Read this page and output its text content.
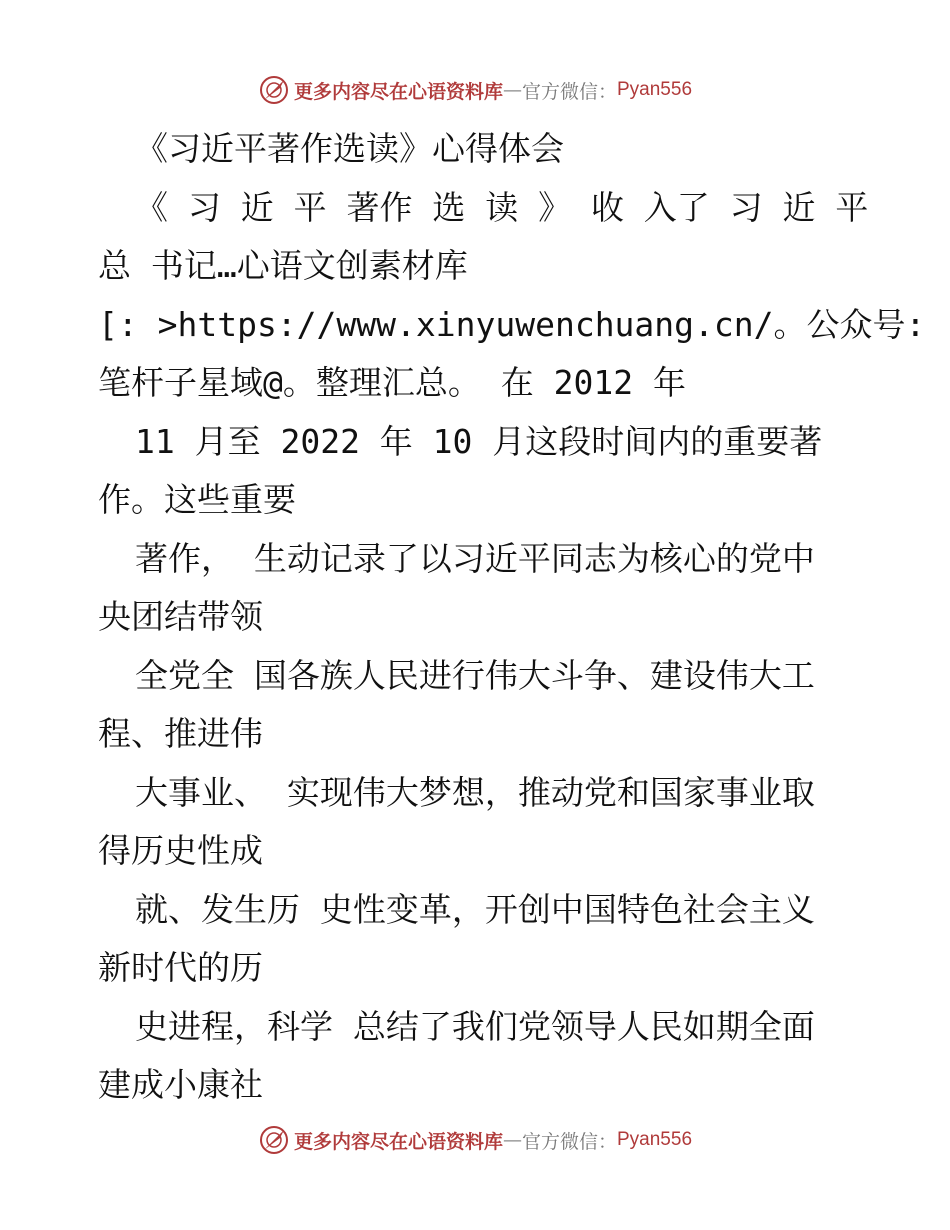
更多内容尽在心语资料库 — 官方微信： Pyan556
《习近平著作选读》心得体会
《 习 近 平 著作 选 读 》 收 入了 习 近 平
总 书记…心语文创素材库
[: >https://www.xinyuwenchuang.cn/。公众号:
笔杆子星域@。整理汇总。 在 2012 年
11 月至 2022 年 10 月这段时间内的重要著
作。这些重要
著作， 生动记录了以习近平同志为核心的党中
央团结带领
全党全 国各族人民进行伟大斗争、建设伟大工
程、推进伟
大事业、 实现伟大梦想，推动党和国家事业取
得历史性成
就、发生历 史性变革，开创中国特色社会主义
新时代的历
史进程，科学 总结了我们党领导人民如期全面
建成小康社
更多内容尽在心语资料库 — 官方微信： Pyan556
